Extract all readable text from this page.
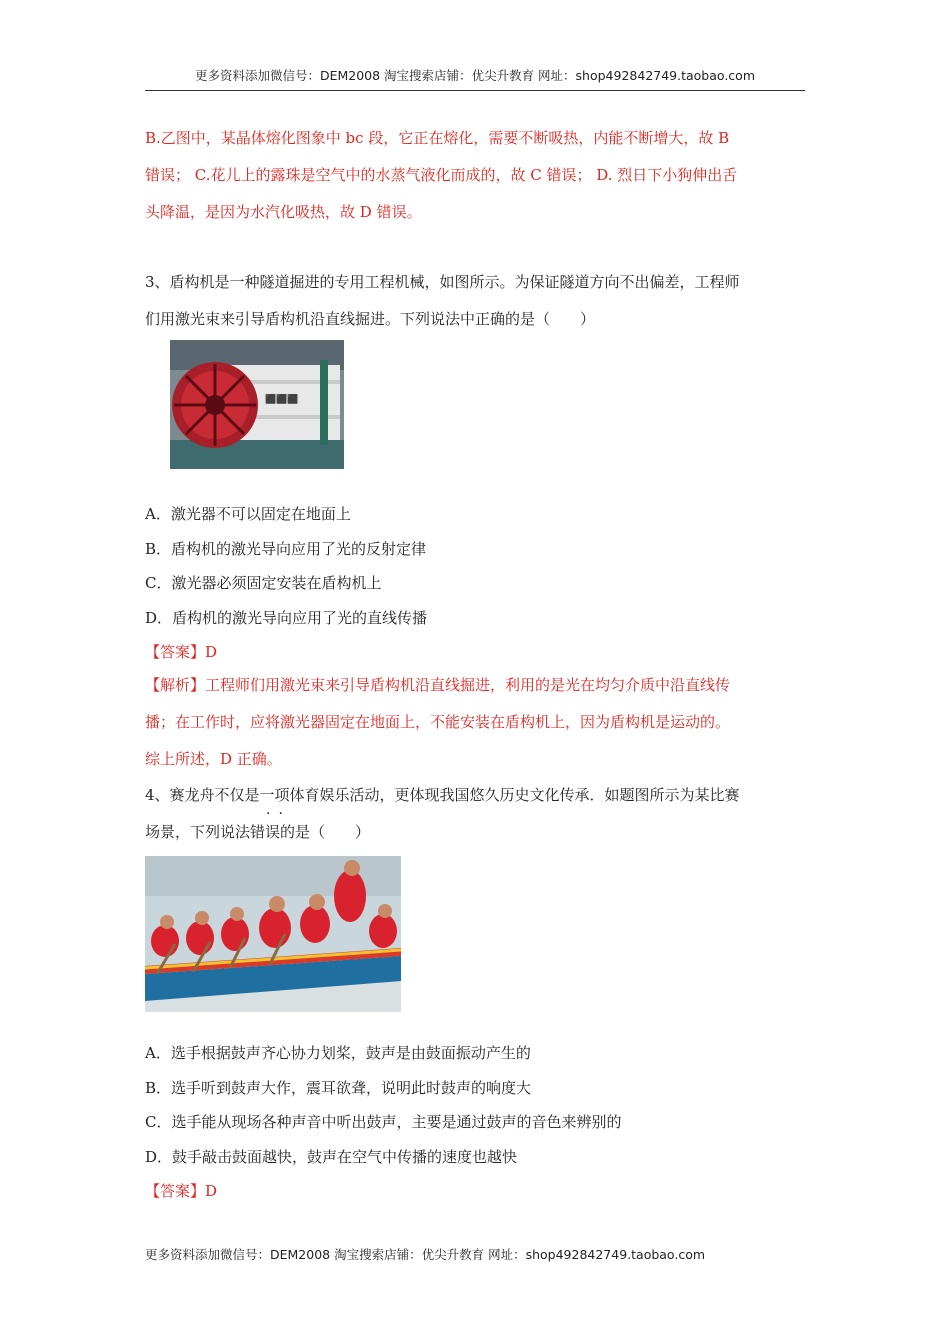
更多资料添加微信号：DEM2008 淘宝搜索店铺：优尖升教育 网址：shop492842749.taobao.com
B.乙图中，某晶体熔化图象中 bc 段，它正在熔化，需要不断吸热，内能不断增大，故 B
错误； C.花儿上的露珠是空气中的水蒸气液化而成的，故 C 错误； D. 烈日下小狗伸出舌
头降温，是因为水汽化吸热，故 D 错误。
3、盾构机是一种隧道掘进的专用工程机械，如图所示。为保证隧道方向不出偏差，工程师
们用激光束来引导盾构机沿直线掘进。下列说法中正确的是（　　）
⬛⬛⬛
A．激光器不可以固定在地面上
B．盾构机的激光导向应用了光的反射定律
C．激光器必须固定安装在盾构机上
D．盾构机的激光导向应用了光的直线传播
【答案】D
【解析】工程师们用激光束来引导盾构机沿直线掘进，利用的是光在均匀介质中沿直线传
播；在工作时，应将激光器固定在地面上，不能安装在盾构机上，因为盾构机是运动的。
综上所述，D 正确。
4、赛龙舟不仅是一项体育娱乐活动，更体现我国悠久历史文化传承．如题图所示为某比赛
场景，下列说法错误的是（　　）
··
A．选手根据鼓声齐心协力划桨，鼓声是由鼓面振动产生的
B．选手听到鼓声大作，震耳欲聋，说明此时鼓声的响度大
C．选手能从现场各种声音中听出鼓声，主要是通过鼓声的音色来辨别的
D．鼓手敲击鼓面越快，鼓声在空气中传播的速度也越快
【答案】D
更多资料添加微信号：DEM2008 淘宝搜索店铺：优尖升教育 网址：shop492842749.taobao.com
